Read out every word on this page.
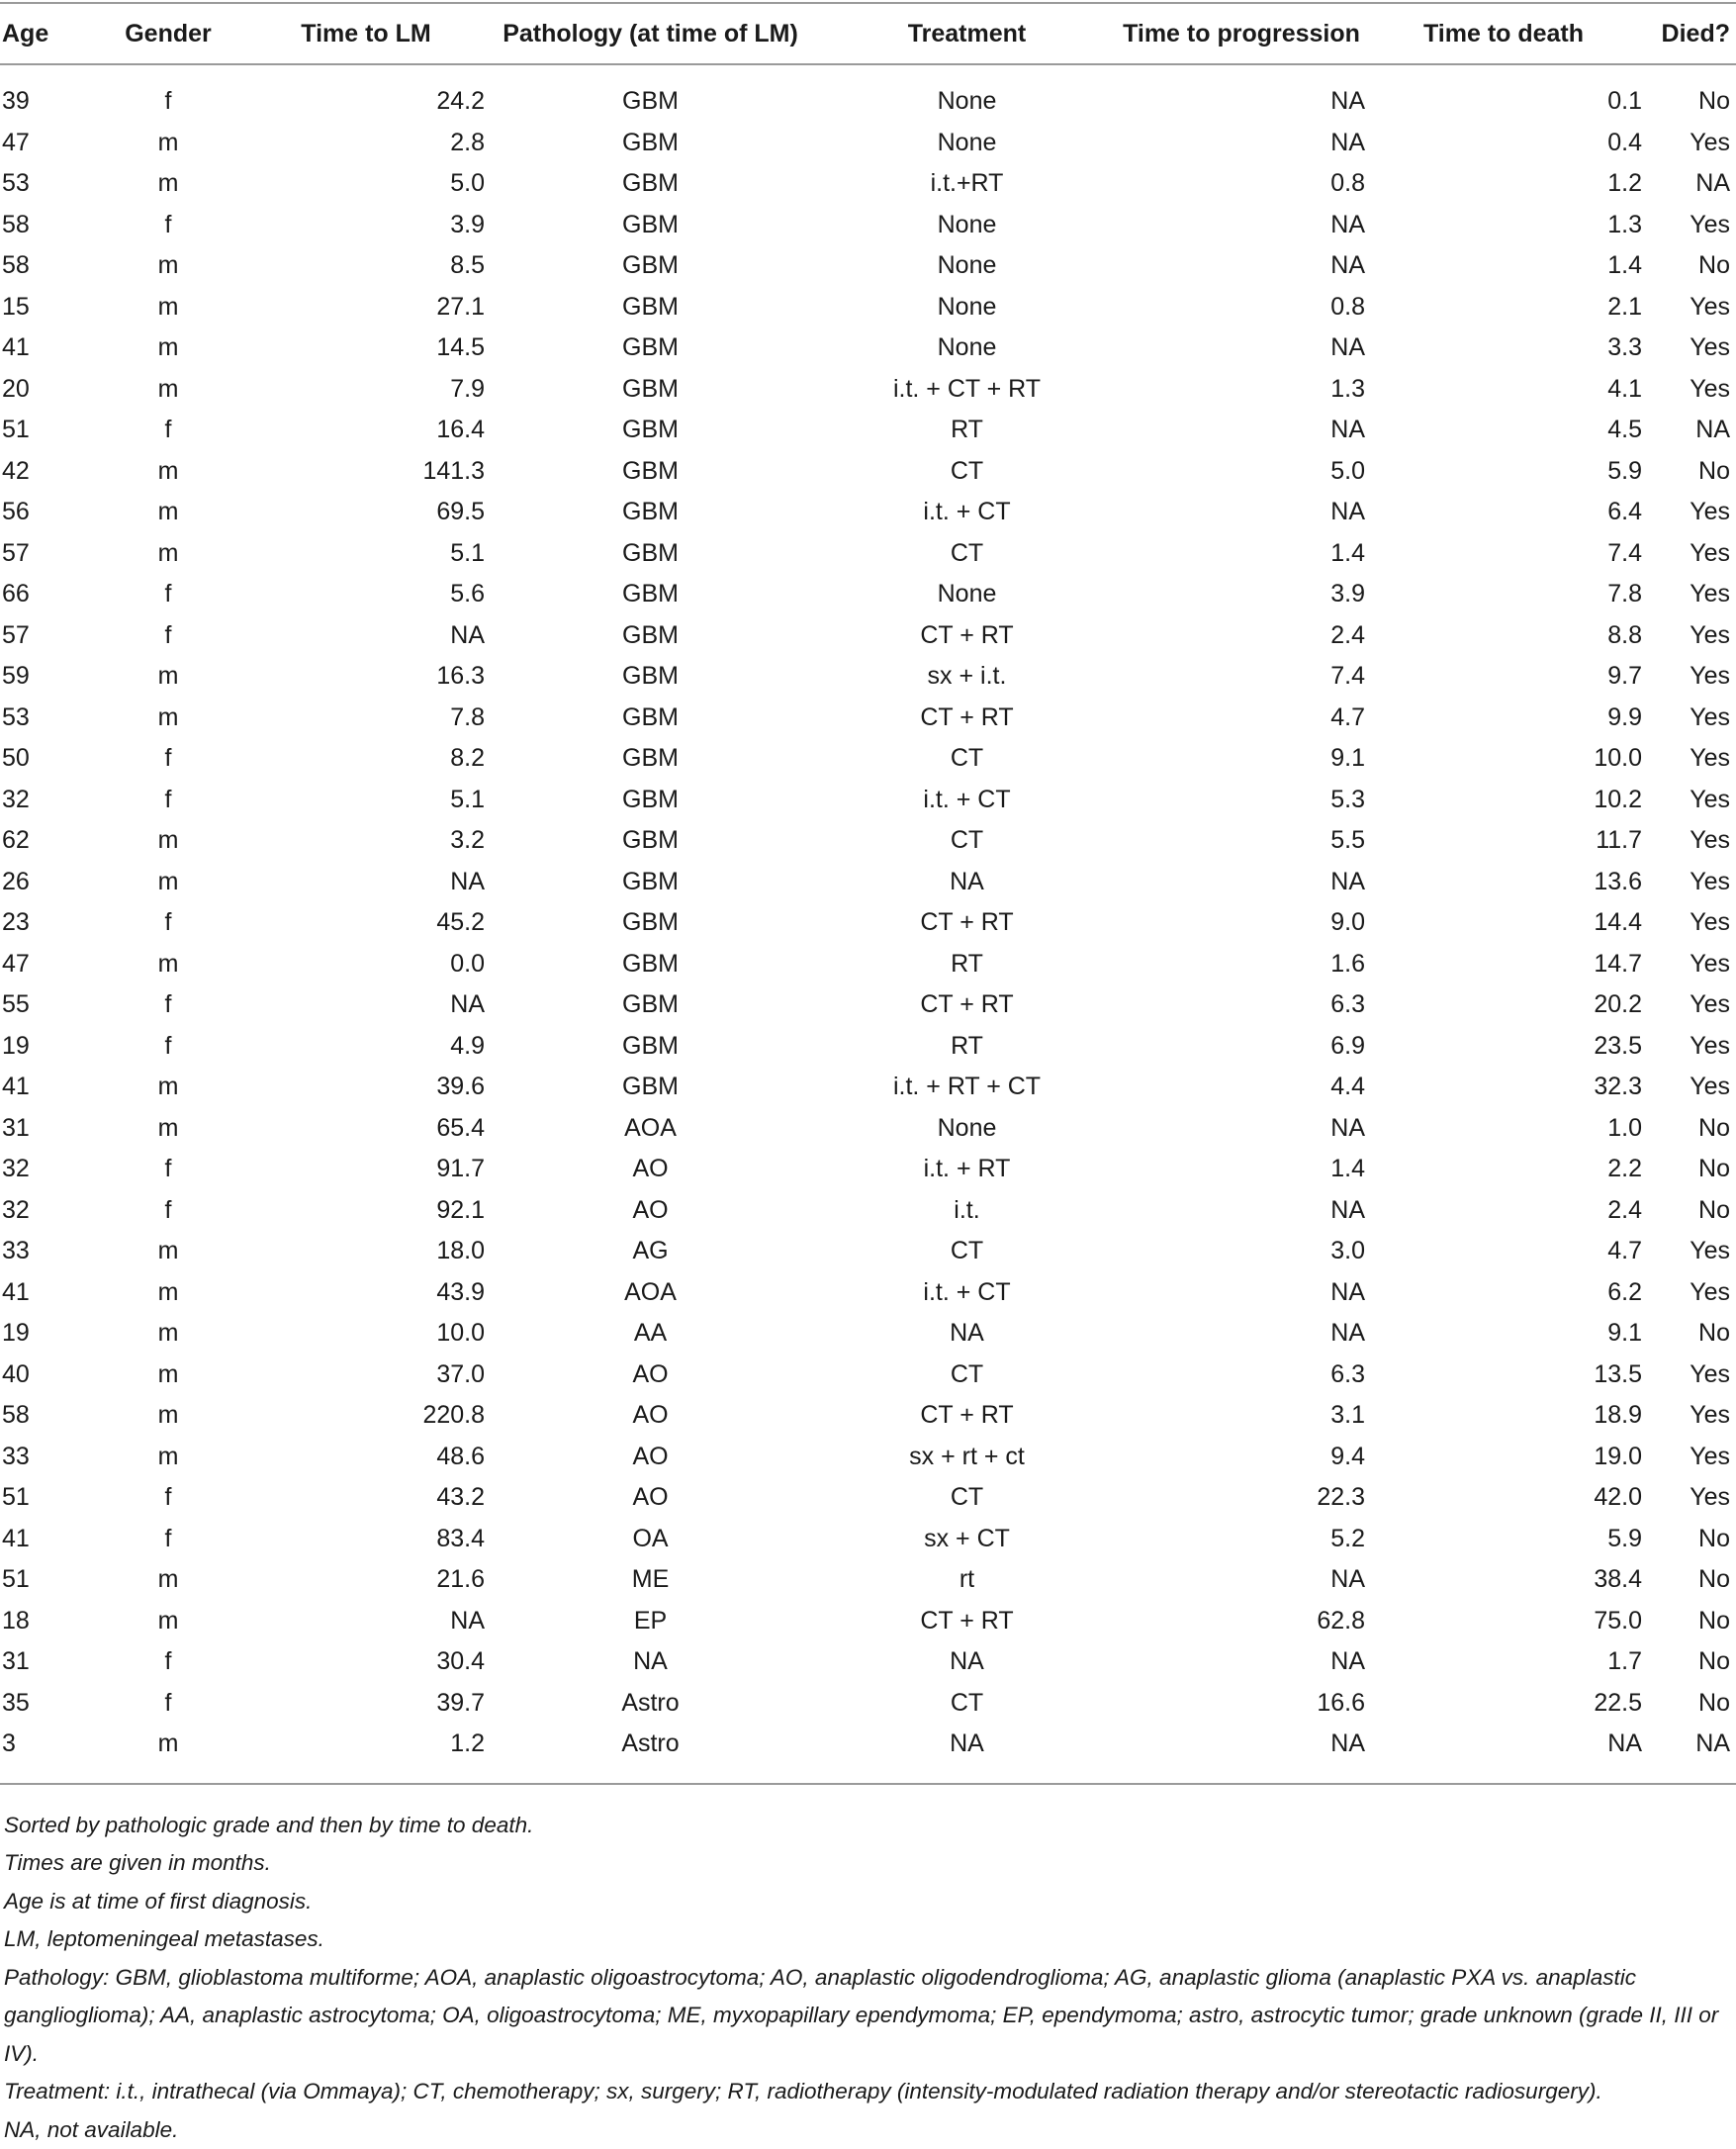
Age	Gender	Time to LM	Pathology (at time of LM)	Treatment	Time to progression	Time to death	Died?
39	f	24.2	GBM	None	NA	0.1	No
47	m	2.8	GBM	None	NA	0.4	Yes
53	m	5.0	GBM	i.t.+RT	0.8	1.2	NA
58	f	3.9	GBM	None	NA	1.3	Yes
58	m	8.5	GBM	None	NA	1.4	No
15	m	27.1	GBM	None	0.8	2.1	Yes
41	m	14.5	GBM	None	NA	3.3	Yes
20	m	7.9	GBM	i.t. + CT + RT	1.3	4.1	Yes
51	f	16.4	GBM	RT	NA	4.5	NA
42	m	141.3	GBM	CT	5.0	5.9	No
56	m	69.5	GBM	i.t. + CT	NA	6.4	Yes
57	m	5.1	GBM	CT	1.4	7.4	Yes
66	f	5.6	GBM	None	3.9	7.8	Yes
57	f	NA	GBM	CT + RT	2.4	8.8	Yes
59	m	16.3	GBM	sx + i.t.	7.4	9.7	Yes
53	m	7.8	GBM	CT + RT	4.7	9.9	Yes
50	f	8.2	GBM	CT	9.1	10.0	Yes
32	f	5.1	GBM	i.t. + CT	5.3	10.2	Yes
62	m	3.2	GBM	CT	5.5	11.7	Yes
26	m	NA	GBM	NA	NA	13.6	Yes
23	f	45.2	GBM	CT + RT	9.0	14.4	Yes
47	m	0.0	GBM	RT	1.6	14.7	Yes
55	f	NA	GBM	CT + RT	6.3	20.2	Yes
19	f	4.9	GBM	RT	6.9	23.5	Yes
41	m	39.6	GBM	i.t. + RT + CT	4.4	32.3	Yes
31	m	65.4	AOA	None	NA	1.0	No
32	f	91.7	AO	i.t. + RT	1.4	2.2	No
32	f	92.1	AO	i.t.	NA	2.4	No
33	m	18.0	AG	CT	3.0	4.7	Yes
41	m	43.9	AOA	i.t. + CT	NA	6.2	Yes
19	m	10.0	AA	NA	NA	9.1	No
40	m	37.0	AO	CT	6.3	13.5	Yes
58	m	220.8	AO	CT + RT	3.1	18.9	Yes
33	m	48.6	AO	sx + rt + ct	9.4	19.0	Yes
51	f	43.2	AO	CT	22.3	42.0	Yes
41	f	83.4	OA	sx + CT	5.2	5.9	No
51	m	21.6	ME	rt	NA	38.4	No
18	m	NA	EP	CT + RT	62.8	75.0	No
31	f	30.4	NA	NA	NA	1.7	No
35	f	39.7	Astro	CT	16.6	22.5	No
3	m	1.2	Astro	NA	NA	NA	NA

Sorted by pathologic grade and then by time to death.

Times are given in months.

Age is at time of first diagnosis.

LM, leptomeningeal metastases.

Pathology: GBM, glioblastoma multiforme; AOA, anaplastic oligoastrocytoma; AO, anaplastic oligodendroglioma; AG, anaplastic glioma (anaplastic PXA vs. anaplastic ganglioglioma); AA, anaplastic astrocytoma; OA, oligoastrocytoma; ME, myxopapillary ependymoma; EP, ependymoma; astro, astrocytic tumor; grade unknown (grade II, III or IV).

Treatment: i.t., intrathecal (via Ommaya); CT, chemotherapy; sx, surgery; RT, radiotherapy (intensity-modulated radiation therapy and/or stereotactic radiosurgery).

NA, not available.
